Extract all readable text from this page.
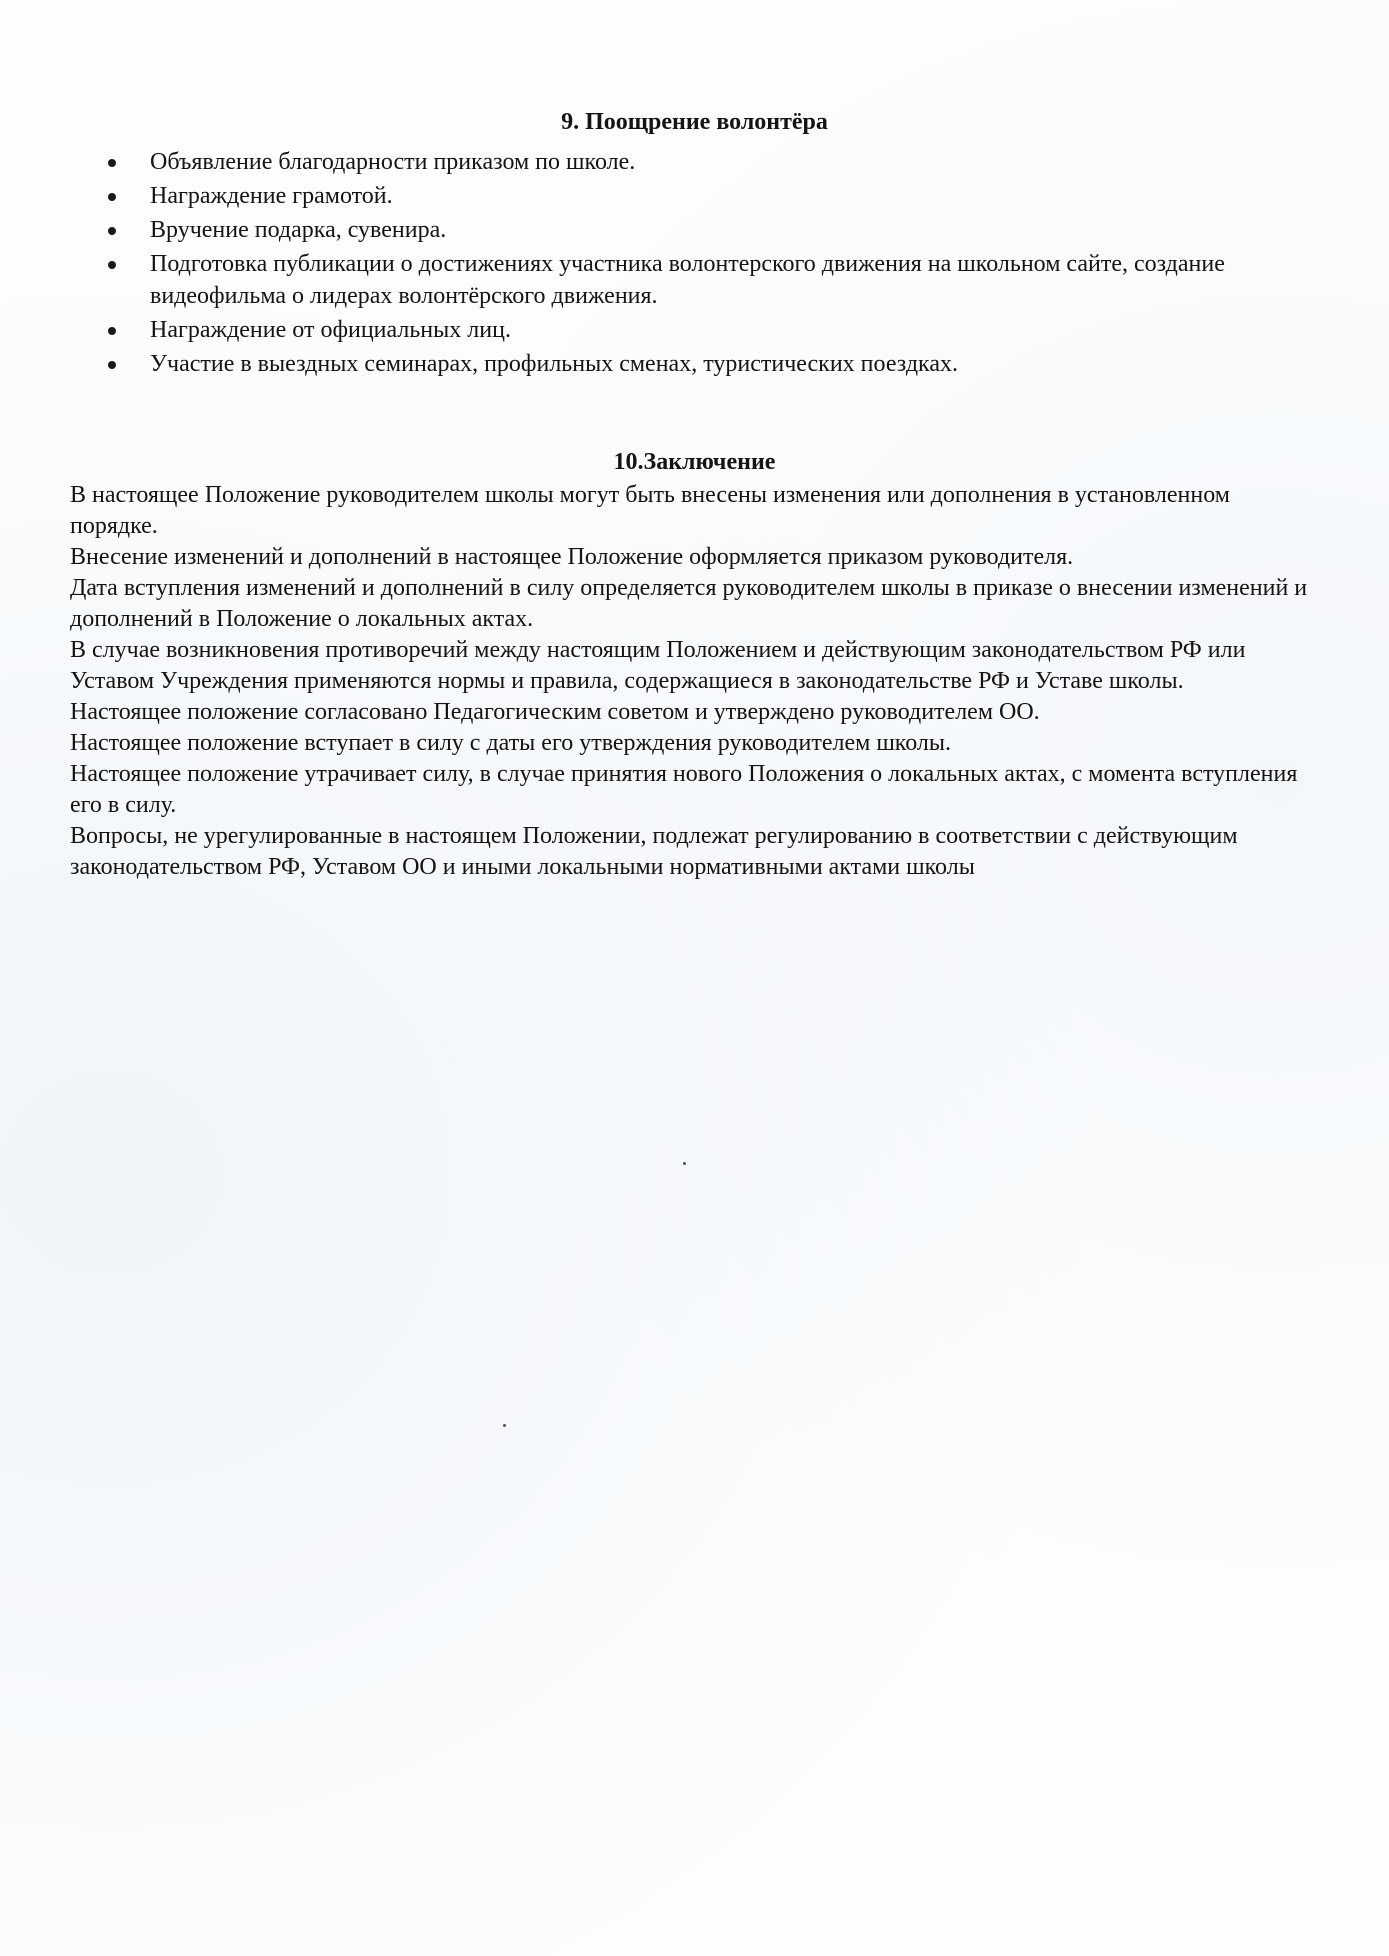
9. Поощрение волонтёра
Объявление благодарности приказом по школе.
Награждение грамотой.
Вручение подарка, сувенира.
Подготовка публикации о достижениях участника волонтерского движения на школьном сайте, создание видеофильма о лидерах волонтёрского движения.
Награждение от официальных лиц.
Участие в выездных семинарах, профильных сменах, туристических поездках.
10.Заключение

В настоящее Положение руководителем школы могут быть внесены изменения или дополнения в установленном порядке.

Внесение изменений и дополнений в настоящее Положение оформляется приказом руководителя.

Дата вступления изменений и дополнений в силу определяется руководителем школы в приказе о внесении изменений и дополнений в Положение о локальных актах.

В случае возникновения противоречий между настоящим Положением и действующим законодательством РФ или Уставом Учреждения применяются нормы и правила, содержащиеся в законодательстве РФ и Уставе школы.

Настоящее положение согласовано Педагогическим советом и утверждено руководителем ОО.

Настоящее положение вступает в силу с даты его утверждения руководителем школы.

Настоящее положение утрачивает силу, в случае принятия нового Положения о локальных актах, с момента вступления его в силу.

Вопросы, не урегулированные в настоящем Положении, подлежат регулированию в соответствии с действующим законодательством РФ, Уставом ОО и иными локальными нормативными актами школы
